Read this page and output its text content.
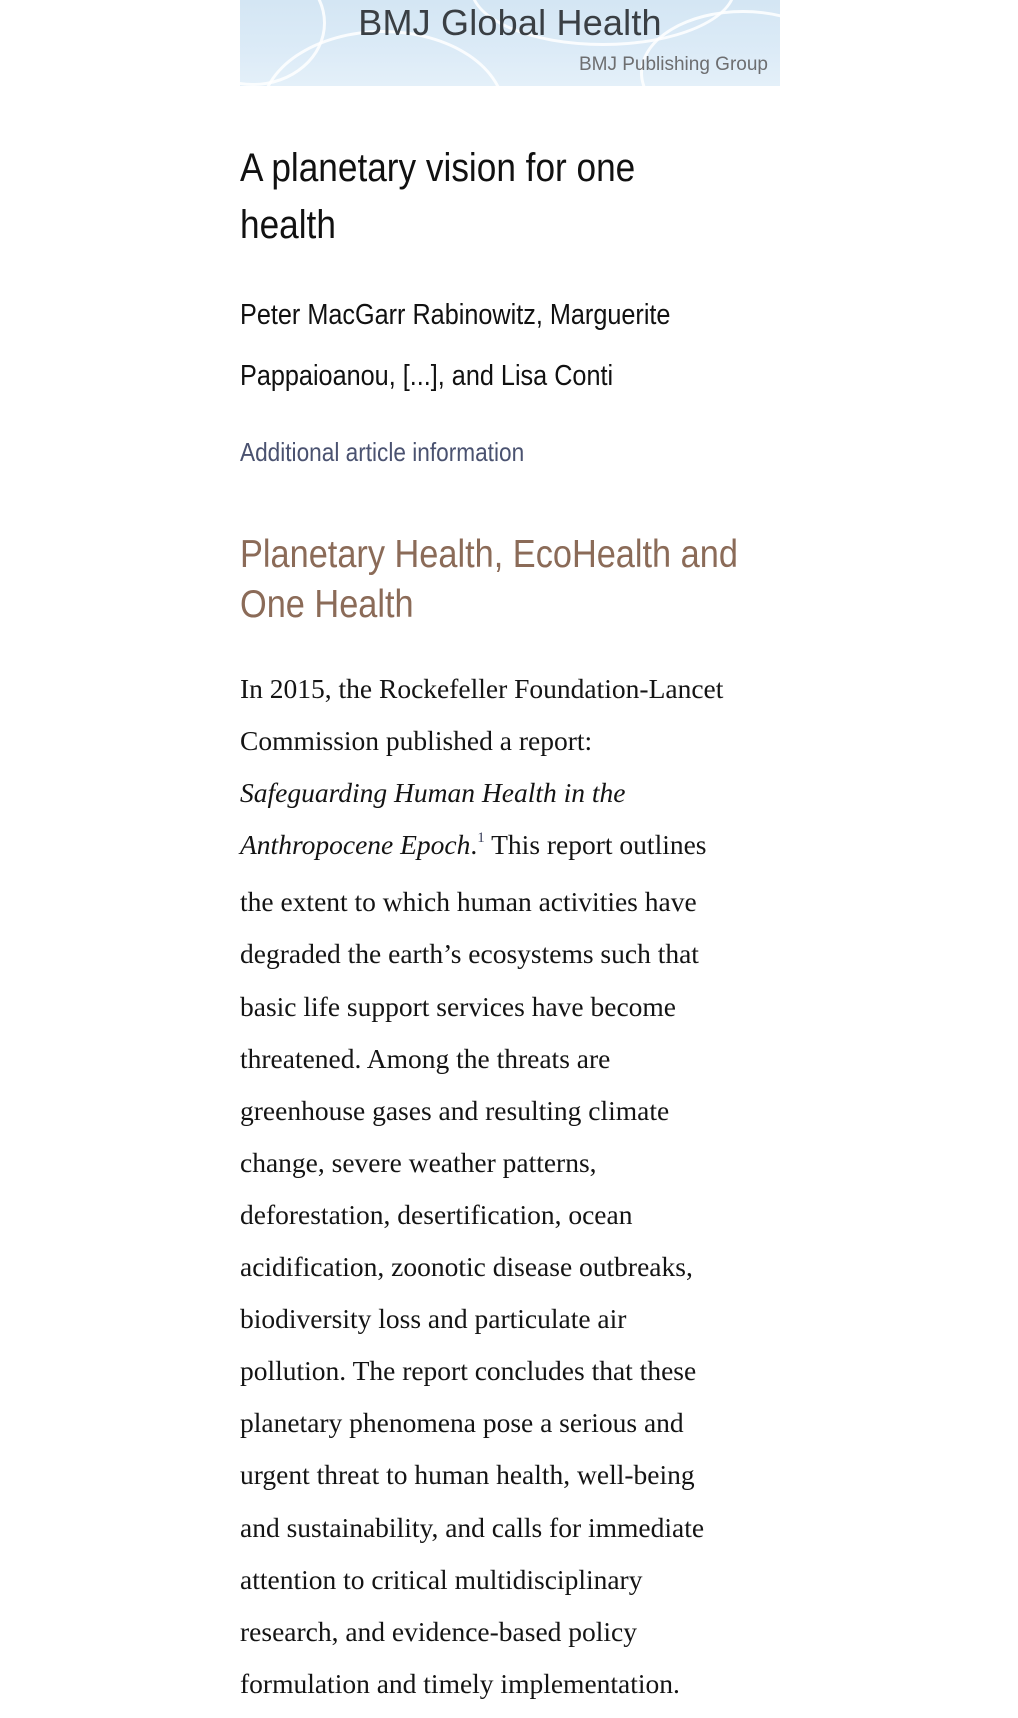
BMJ Global Health
BMJ Publishing Group
A planetary vision for one
health
Peter MacGarr Rabinowitz, Marguerite
Pappaioanou, [...], and Lisa Conti
Additional article information
Planetary Health, EcoHealth and
One Health
In 2015, the Rockefeller Foundation-Lancet
Commission published a report:
Safeguarding Human Health in the
Anthropocene Epoch.$^1$ This report outlines
the extent to which human activities have
degraded the earth’s ecosystems such that
basic life support services have become
threatened. Among the threats are
greenhouse gases and resulting climate
change, severe weather patterns,
deforestation, desertification, ocean
acidification, zoonotic disease outbreaks,
biodiversity loss and particulate air
pollution. The report concludes that these
planetary phenomena pose a serious and
urgent threat to human health, well-being
and sustainability, and calls for immediate
attention to critical multidisciplinary
research, and evidence-based policy
formulation and timely implementation.
